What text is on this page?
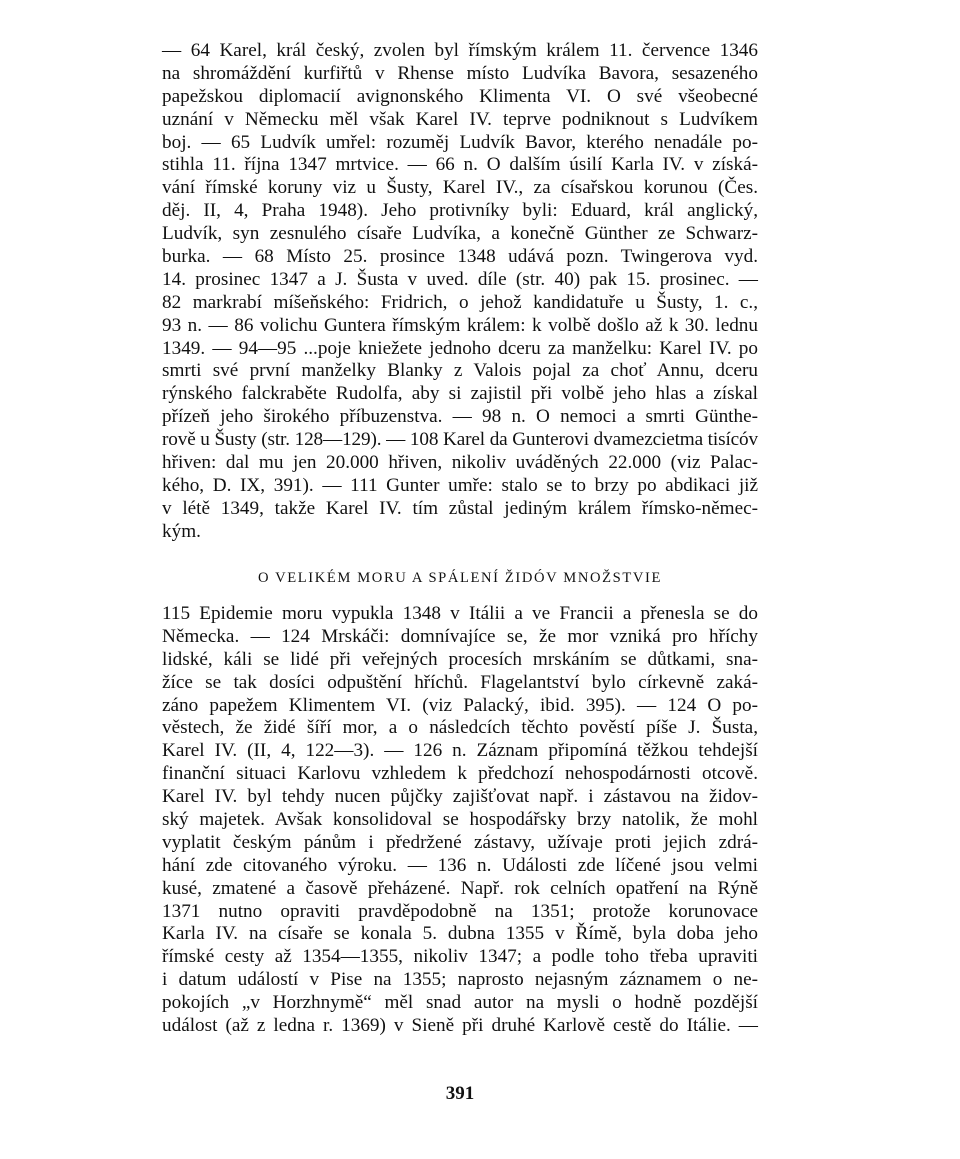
— 64 Karel, král český, zvolen byl římským králem 11. července 1346
na shromáždění kurfiřtů v Rhense místo Ludvíka Bavora, sesazeného
papežskou diplomacií avignonského Klimenta VI. O své všeobecné
uznání v Německu měl však Karel IV. teprve podniknout s Ludvíkem
boj. — 65 Ludvík umřel: rozuměj Ludvík Bavor, kterého nenadále po-
stihla 11. října 1347 mrtvice. — 66 n. O dalším úsilí Karla IV. v získá-
vání římské koruny viz u Šusty, Karel IV., za císařskou korunou (Čes.
děj. II, 4, Praha 1948). Jeho protivníky byli: Eduard, král anglický,
Ludvík, syn zesnulého císaře Ludvíka, a konečně Günther ze Schwarz-
burka. — 68 Místo 25. prosince 1348 udává pozn. Twingerova vyd.
14. prosinec 1347 a J. Šusta v uved. díle (str. 40) pak 15. prosinec. —
82 markrabí míšeňského: Fridrich, o jehož kandidatuře u Šusty, 1. c.,
93 n. — 86 volichu Guntera římským králem: k volbě došlo až k 30. lednu
1349. — 94—95 ...poje kniežete jednoho dceru za manželku: Karel IV. po
smrti své první manželky Blanky z Valois pojal za choť Annu, dceru
rýnského falckraběte Rudolfa, aby si zajistil při volbě jeho hlas a získal
přízeň jeho širokého příbuzenstva. — 98 n. O nemoci a smrti Günthe-
rově u Šusty (str. 128—129). — 108 Karel da Gunterovi dvamezcietma tisícóv
hřiven: dal mu jen 20.000 hřiven, nikoliv uváděných 22.000 (viz Palac-
kého, D. IX, 391). — 111 Gunter umře: stalo se to brzy po abdikaci již
v létě 1349, takže Karel IV. tím zůstal jediným králem římsko-němec-
kým.
O VELIKÉM MORU A SPÁLENÍ ŽIDÓV MNOŽSTVIE
115 Epidemie moru vypukla 1348 v Itálii a ve Francii a přenesla se do
Německa. — 124 Mrskáči: domnívajíce se, že mor vzniká pro hříchy
lidské, káli se lidé při veřejných procesích mrskáním se důtkami, sna-
žíce se tak dosíci odpuštění hříchů. Flagelantství bylo církevně zaká-
záno papežem Klimentem VI. (viz Palacký, ibid. 395). — 124 O po-
věstech, že židé šíří mor, a o následcích těchto pověstí píše J. Šusta,
Karel IV. (II, 4, 122—3). — 126 n. Záznam připomíná těžkou tehdejší
finanční situaci Karlovu vzhledem k předchozí nehospodárnosti otcově.
Karel IV. byl tehdy nucen půjčky zajišťovat např. i zástavou na židov-
ský majetek. Avšak konsolidoval se hospodářsky brzy natolik, že mohl
vyplatit českým pánům i předržené zástavy, užívaje proti jejich zdrá-
hání zde citovaného výroku. — 136 n. Události zde líčené jsou velmi
kusé, zmatené a časově přeházené. Např. rok celních opatření na Rýně
1371 nutno opraviti pravděpodobně na 1351; protože korunovace
Karla IV. na císaře se konala 5. dubna 1355 v Římě, byla doba jeho
římské cesty až 1354—1355, nikoliv 1347; a podle toho třeba upraviti
i datum událostí v Pise na 1355; naprosto nejasným záznamem o ne-
pokojích „v Horzhnymě“ měl snad autor na mysli o hodně pozdější
událost (až z ledna r. 1369) v Sieně při druhé Karlově cestě do Itálie. —
391
